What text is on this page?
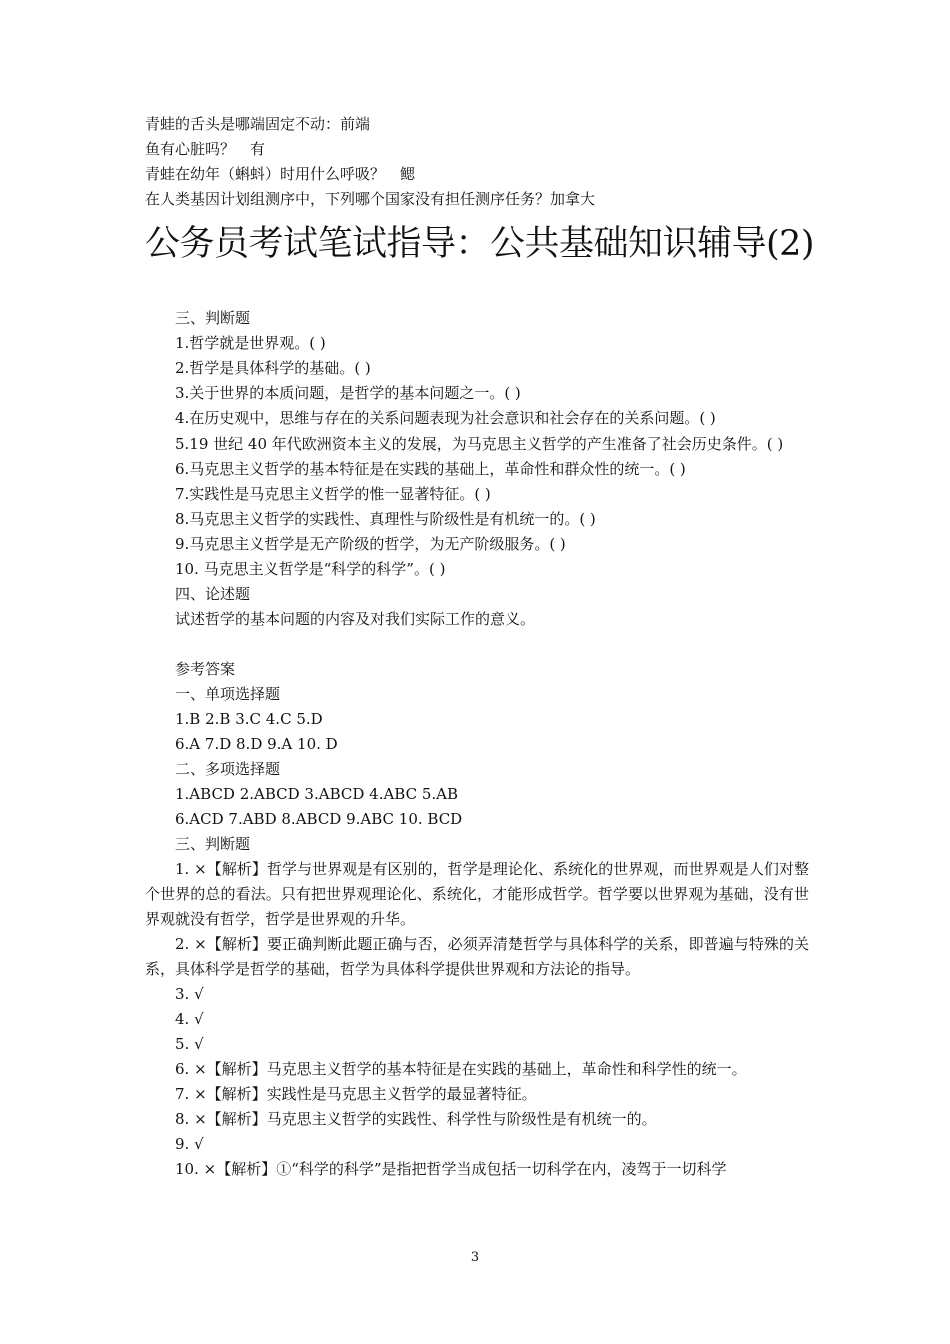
青蛙的舌头是哪端固定不动：前端
鱼有心脏吗？　有
青蛙在幼年（蝌蚪）时用什么呼吸？　鳃
在人类基因计划组测序中，下列哪个国家没有担任测序任务？加拿大
公务员考试笔试指导：公共基础知识辅导(2)
三、判断题
1.哲学就是世界观。( )
2.哲学是具体科学的基础。( )
3.关于世界的本质问题，是哲学的基本问题之一。( )
4.在历史观中，思维与存在的关系问题表现为社会意识和社会存在的关系问题。( )
5.19 世纪 40 年代欧洲资本主义的发展，为马克思主义哲学的产生准备了社会历史条件。( )
6.马克思主义哲学的基本特征是在实践的基础上，革命性和群众性的统一。( )
7.实践性是马克思主义哲学的惟一显著特征。( )
8.马克思主义哲学的实践性、真理性与阶级性是有机统一的。( )
9.马克思主义哲学是无产阶级的哲学，为无产阶级服务。( )
10. 马克思主义哲学是“科学的科学”。( )
四、论述题
试述哲学的基本问题的内容及对我们实际工作的意义。
参考答案
一、单项选择题
1.B 2.B 3.C 4.C 5.D
6.A 7.D 8.D 9.A 10. D
二、多项选择题
1.ABCD 2.ABCD 3.ABCD 4.ABC 5.AB
6.ACD 7.ABD 8.ABCD 9.ABC 10. BCD
三、判断题
1. ×【解析】哲学与世界观是有区别的，哲学是理论化、系统化的世界观，而世界观是人们对整个世界的总的看法。只有把世界观理论化、系统化，才能形成哲学。哲学要以世界观为基础，没有世界观就没有哲学，哲学是世界观的升华。
2. ×【解析】要正确判断此题正确与否，必须弄清楚哲学与具体科学的关系，即普遍与特殊的关系，具体科学是哲学的基础，哲学为具体科学提供世界观和方法论的指导。
3. √
4. √
5. √
6. ×【解析】马克思主义哲学的基本特征是在实践的基础上，革命性和科学性的统一。
7. ×【解析】实践性是马克思主义哲学的最显著特征。
8. ×【解析】马克思主义哲学的实践性、科学性与阶级性是有机统一的。
9. √
10. ×【解析】①“科学的科学”是指把哲学当成包括一切科学在内，凌驾于一切科学
3
